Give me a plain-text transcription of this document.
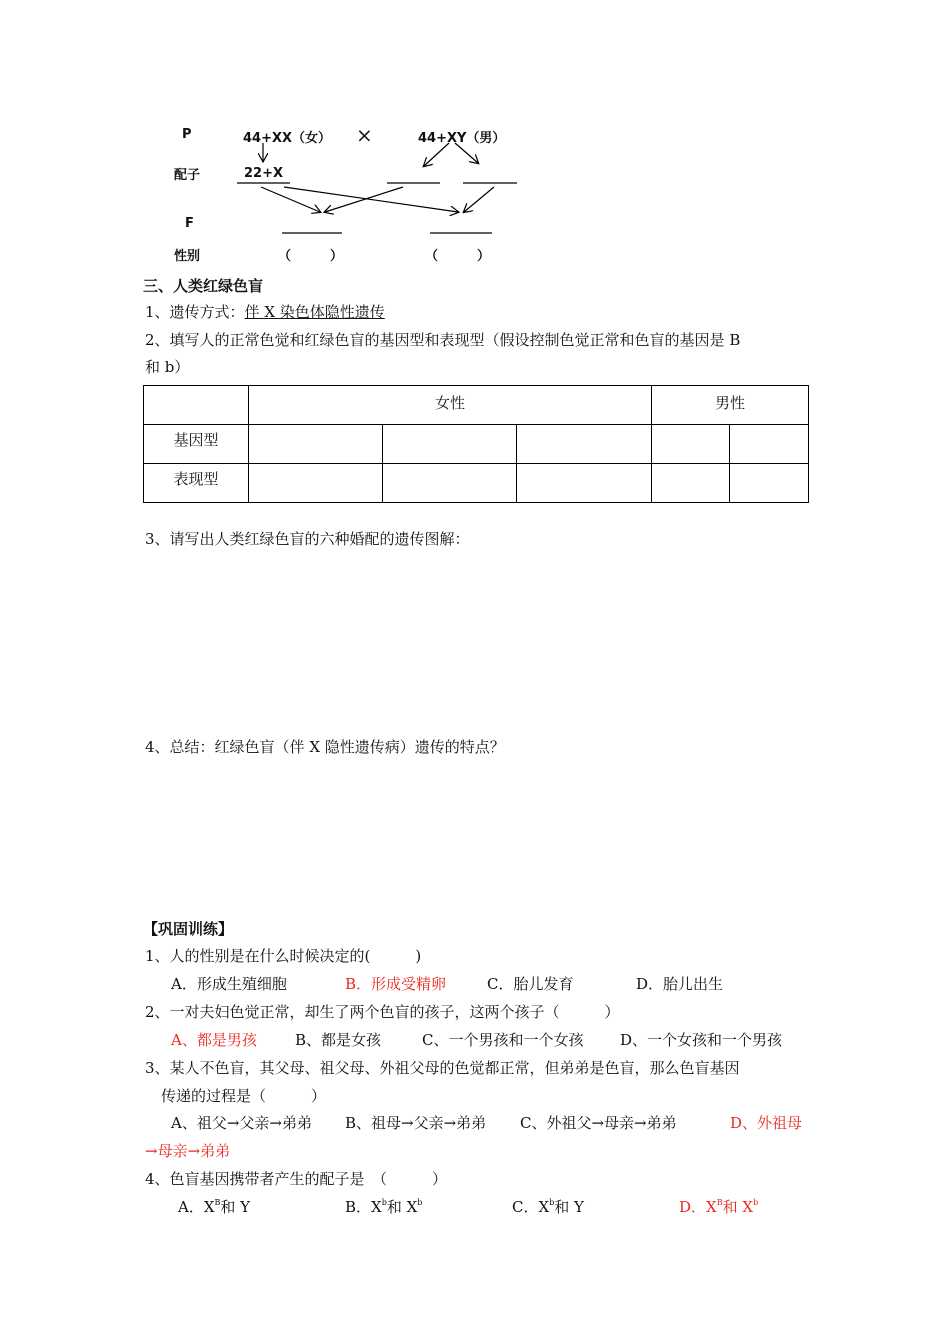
P
配子
F
性别
44+XX（女） ×	44+XY（男）
22+X
（　　　）	（　　　）
三、人类红绿色盲
1、遗传方式：伴 X 染色体隐性遗传
2、填写人的正常色觉和红绿色盲的基因型和表现型（假设控制色觉正常和色盲的基因是 B
和 b）
	女性			男性	
基因型					
表现型					
3、请写出人类红绿色盲的六种婚配的遗传图解：
4、总结：红绿色盲（伴 X 隐性遗传病）遗传的特点？
【巩固训练】
1、人的性别是在什么时候决定的(　　　)
A．形成生殖细胞	B．形成受精卵	C．胎儿发育	D．胎儿出生
2、一对夫妇色觉正常，却生了两个色盲的孩子，这两个孩子（　　　）
A、都是男孩	B、都是女孩	C、一个男孩和一个女孩 D、一个女孩和一个男孩
3、某人不色盲，其父母、祖父母、外祖父母的色觉都正常，但弟弟是色盲，那么色盲基因
传递的过程是（　　　）
A、祖父→父亲→弟弟 B、祖母→父亲→弟弟 C、外祖父→母亲→弟弟	D、外祖母
→母亲→弟弟
4、色盲基因携带者产生的配子是　（　　　）
A．$X^B$和 Y	B．$X^b$和 $X^b$	C．$X^b$和 Y	D．$X^B$和 $X^b$
